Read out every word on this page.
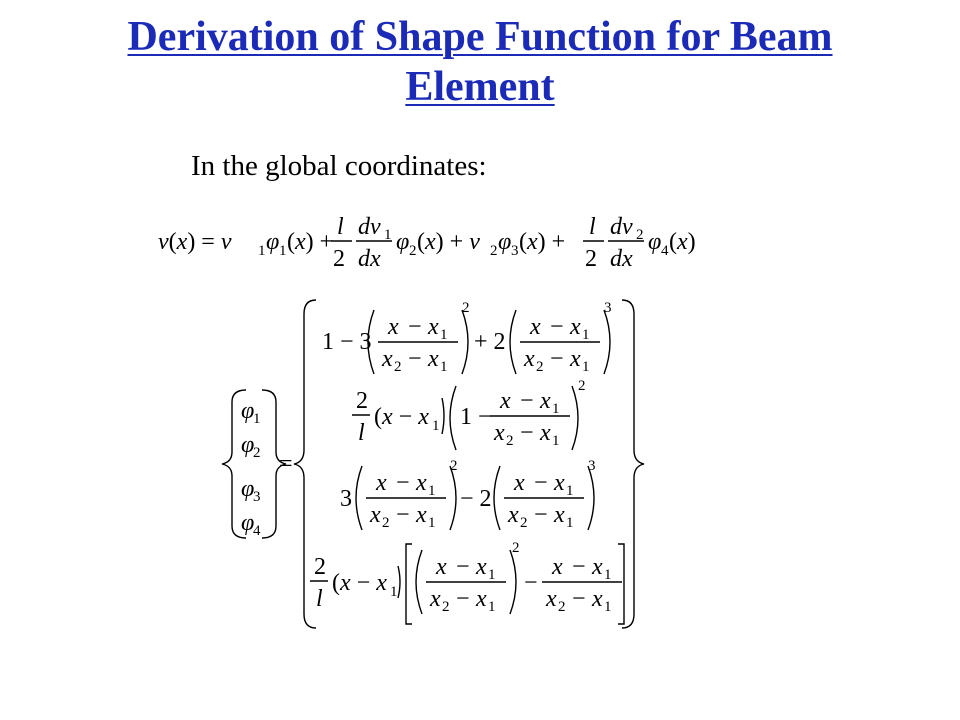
Derivation of Shape Function for Beam
Element
In the global coordinates:
x 2 − x 1
v(x) = v 1 φ 1 (x) +
l
2
dv 1
dx
φ 2 (x) + v 2 φ 3 (x) +
l
2
dv 2
dx
φ 4 (x)
φ
1
φ
2
φ
3
φ
4
=
1 − 3
2
+ 2
3
2
l
(x − x 1 1 −
2
3
2
− 2
3
2
l
(x − x 1
2
−
